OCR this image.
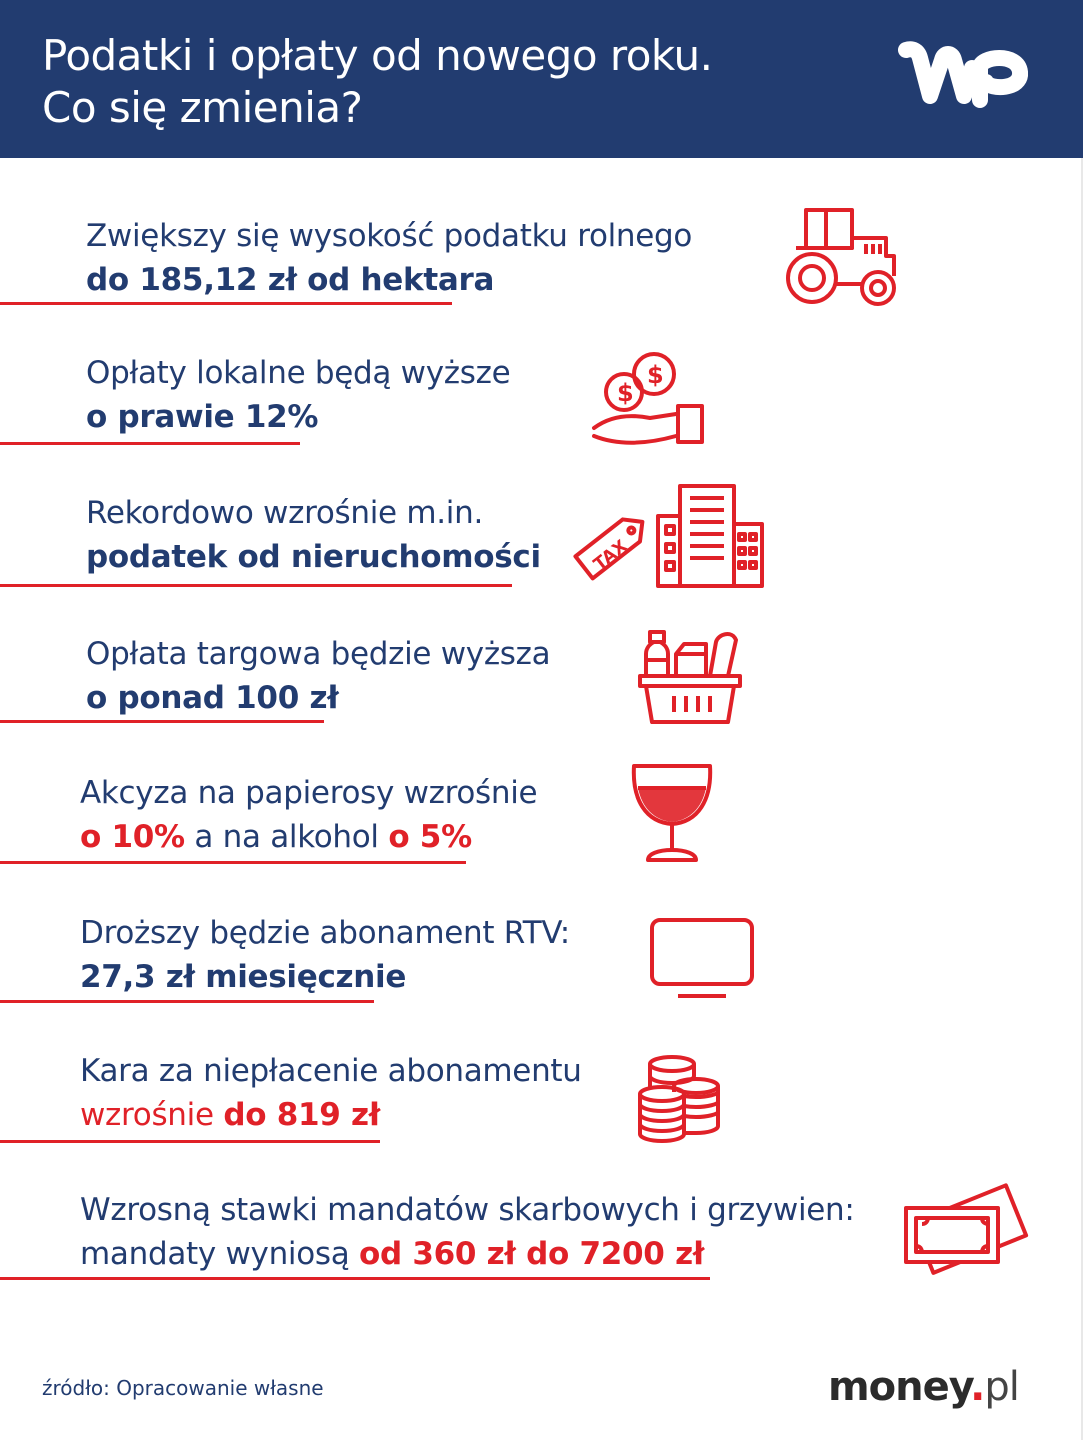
Podatki i opłaty od nowego roku.
Co się zmienia?
Zwiększy się wysokość podatku rolnego
do 185,12 zł od hektara
Opłaty lokalne będą wyższe
o prawie 12%
$
$
Rekordowo wzrośnie m.in.
podatek od nieruchomości	TAX
Opłata targowa będzie wyższa
o ponad 100 zł
Akcyza na papierosy wzrośnie
o 10% a na alkohol o 5%
Droższy będzie abonament RTV:
27,3 zł miesięcznie
Kara za niepłacenie abonamentu
wzrośnie do 819 zł
Wzrosną stawki mandatów skarbowych i grzywien:
mandaty wyniosą od 360 zł do 7200 zł
źródło: Opracowanie własne	money.pl
